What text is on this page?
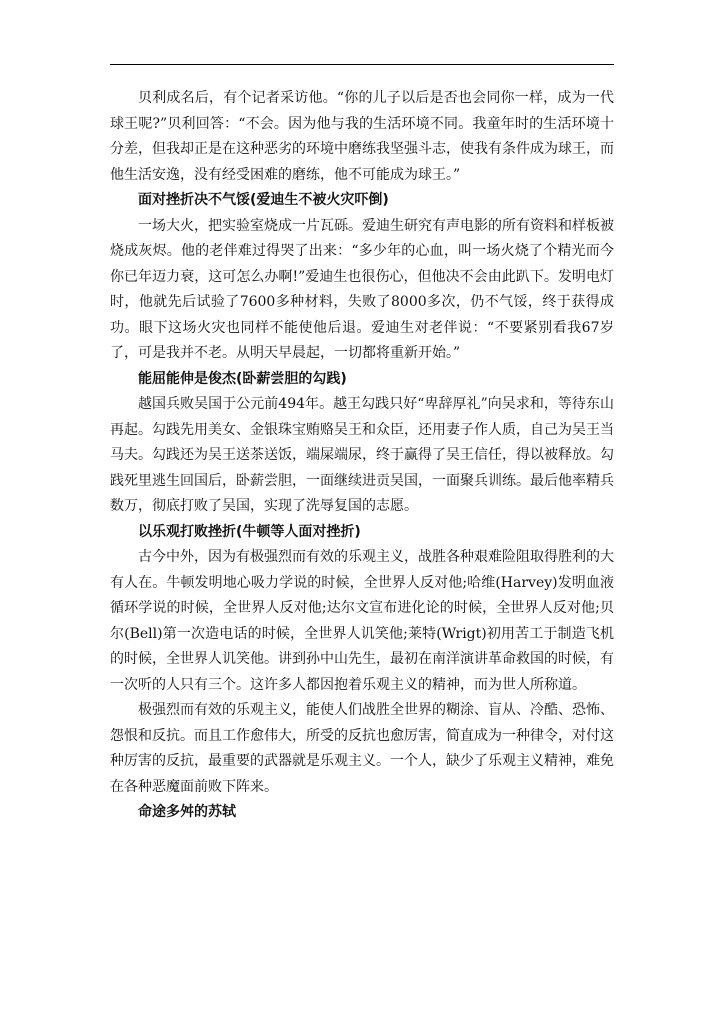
贝利成名后，有个记者采访他。“你的儿子以后是否也会同你一样，成为一代球王呢?”贝利回答：“不会。因为他与我的生活环境不同。我童年时的生活环境十分差，但我却正是在这种恶劣的环境中磨练我坚强斗志，使我有条件成为球王，而他生活安逸，没有经受困难的磨练，他不可能成为球王。”

面对挫折决不气馁(爱迪生不被火灾吓倒)

一场大火，把实验室烧成一片瓦砾。爱迪生研究有声电影的所有资料和样板被烧成灰烬。他的老伴难过得哭了出来：“多少年的心血，叫一场火烧了个精光而今你已年迈力衰，这可怎么办啊!”爱迪生也很伤心，但他决不会由此趴下。发明电灯时，他就先后试验了7600多种材料，失败了8000多次，仍不气馁，终于获得成功。眼下这场火灾也同样不能使他后退。爱迪生对老伴说：“不要紧别看我67岁了，可是我并不老。从明天早晨起，一切都将重新开始。”

能屈能伸是俊杰(卧薪尝胆的勾践)

越国兵败吴国于公元前494年。越王勾践只好“卑辞厚礼”向吴求和，等待东山再起。勾践先用美女、金银珠宝贿赂吴王和众臣，还用妻子作人质，自己为吴王当马夫。勾践还为吴王送茶送饭，端屎端尿，终于赢得了吴王信任，得以被释放。勾践死里逃生回国后，卧薪尝胆，一面继续进贡吴国，一面聚兵训练。最后他率精兵数万，彻底打败了吴国，实现了洗辱复国的志愿。

以乐观打败挫折(牛顿等人面对挫折)

古今中外，因为有极强烈而有效的乐观主义，战胜各种艰难险阻取得胜利的大有人在。牛顿发明地心吸力学说的时候，全世界人反对他;哈维(Harvey)发明血液循环学说的时候，全世界人反对他;达尔文宣布进化论的时候，全世界人反对他;贝尔(Bell)第一次造电话的时候，全世界人讥笑他;莱特(Wrigt)初用苦工于制造飞机的时候，全世界人讥笑他。讲到孙中山先生，最初在南洋演讲革命救国的时候，有一次听的人只有三个。这许多人都因抱着乐观主义的精神，而为世人所称道。

极强烈而有效的乐观主义，能使人们战胜全世界的糊涂、盲从、冷酷、恐怖、怨恨和反抗。而且工作愈伟大，所受的反抗也愈厉害，简直成为一种律令，对付这种厉害的反抗，最重要的武器就是乐观主义。一个人，缺少了乐观主义精神，难免在各种恶魔面前败下阵来。

命途多舛的苏轼
